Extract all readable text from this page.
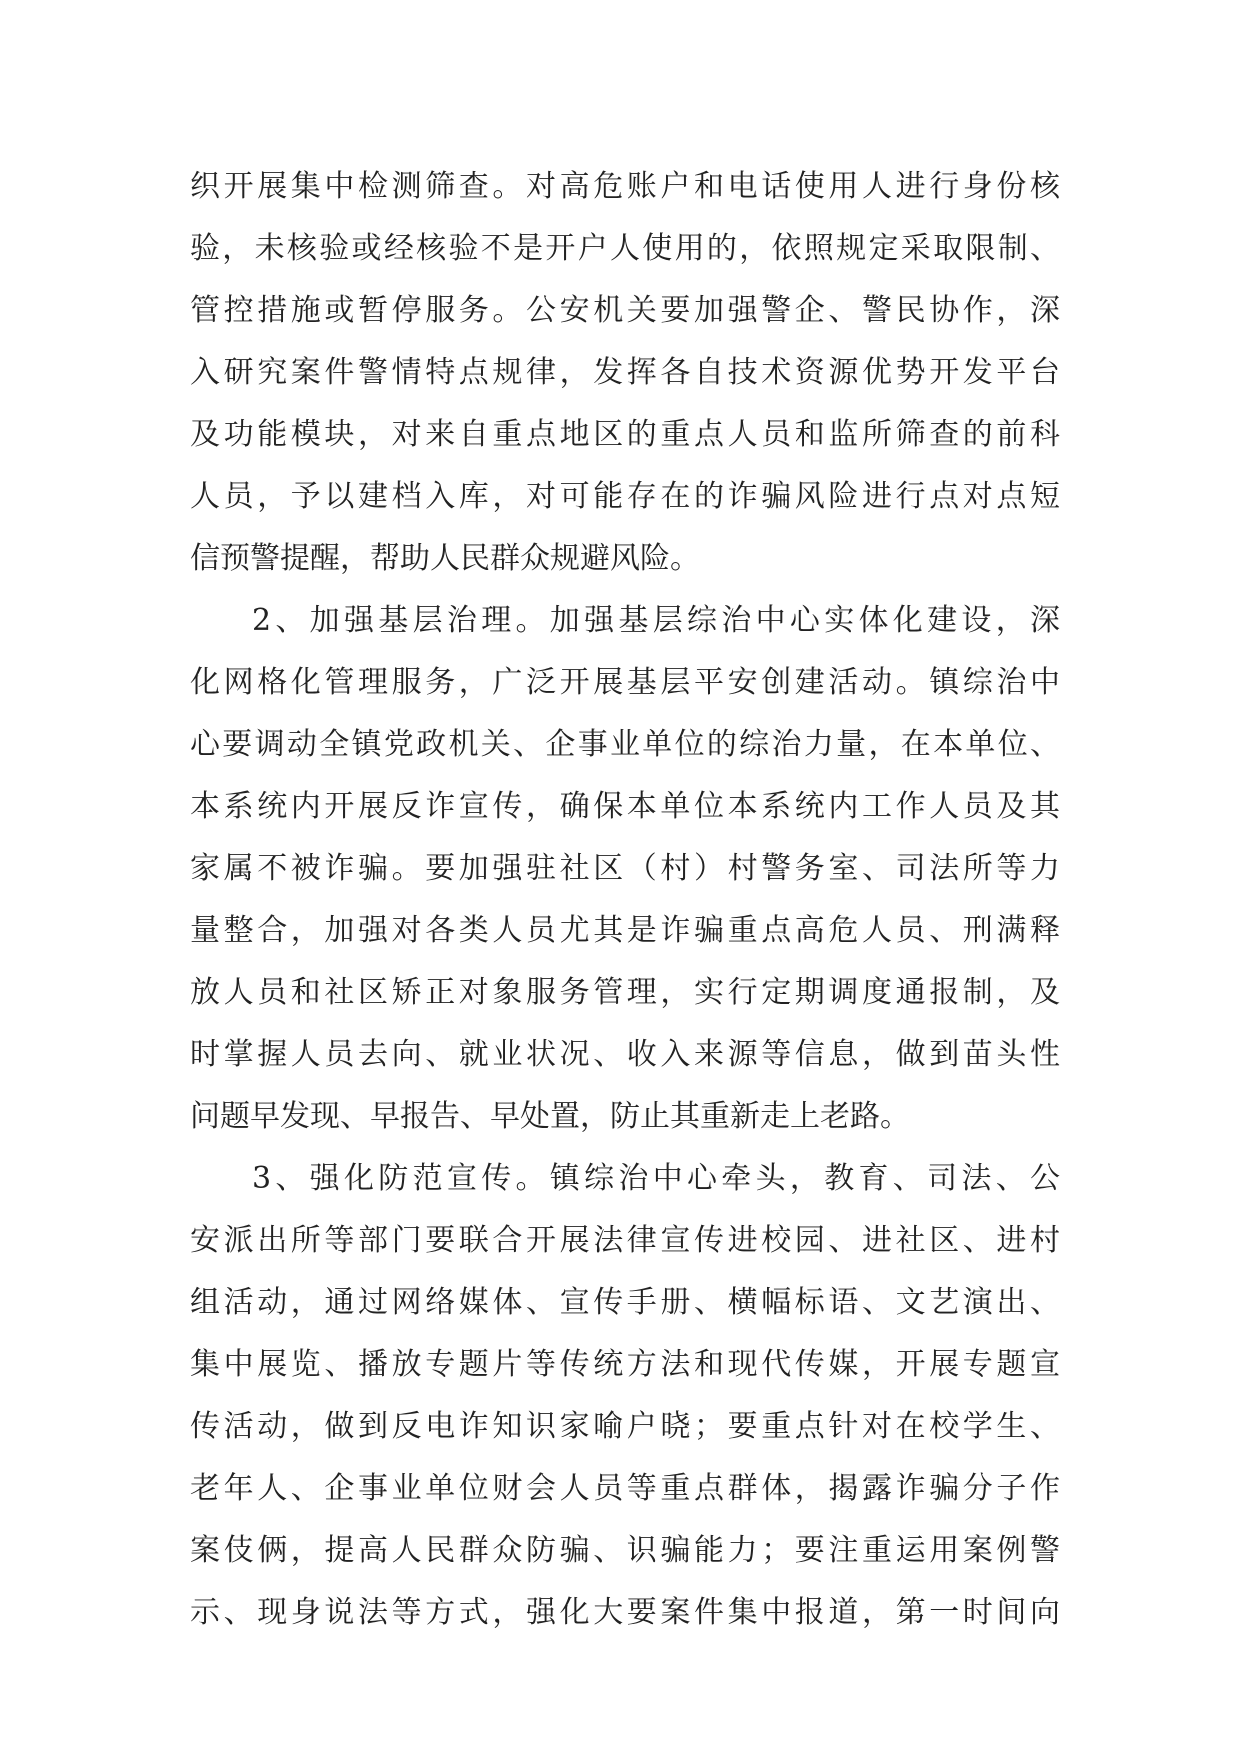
织开展集中检测筛查。对高危账户和电话使用人进行身份核
验，未核验或经核验不是开户人使用的，依照规定采取限制、
管控措施或暂停服务。公安机关要加强警企、警民协作，深
入研究案件警情特点规律，发挥各自技术资源优势开发平台
及功能模块，对来自重点地区的重点人员和监所筛查的前科
人员，予以建档入库，对可能存在的诈骗风险进行点对点短
信预警提醒，帮助人民群众规避风险。
2、加强基层治理。加强基层综治中心实体化建设，深
化网格化管理服务，广泛开展基层平安创建活动。镇综治中
心要调动全镇党政机关、企事业单位的综治力量，在本单位、
本系统内开展反诈宣传，确保本单位本系统内工作人员及其
家属不被诈骗。要加强驻社区（村）村警务室、司法所等力
量整合，加强对各类人员尤其是诈骗重点高危人员、刑满释
放人员和社区矫正对象服务管理，实行定期调度通报制，及
时掌握人员去向、就业状况、收入来源等信息，做到苗头性
问题早发现、早报告、早处置，防止其重新走上老路。
3、强化防范宣传。镇综治中心牵头，教育、司法、公
安派出所等部门要联合开展法律宣传进校园、进社区、进村
组活动，通过网络媒体、宣传手册、横幅标语、文艺演出、
集中展览、播放专题片等传统方法和现代传媒，开展专题宣
传活动，做到反电诈知识家喻户晓；要重点针对在校学生、
老年人、企事业单位财会人员等重点群体，揭露诈骗分子作
案伎俩，提高人民群众防骗、识骗能力；要注重运用案例警
示、现身说法等方式，强化大要案件集中报道，第一时间向
